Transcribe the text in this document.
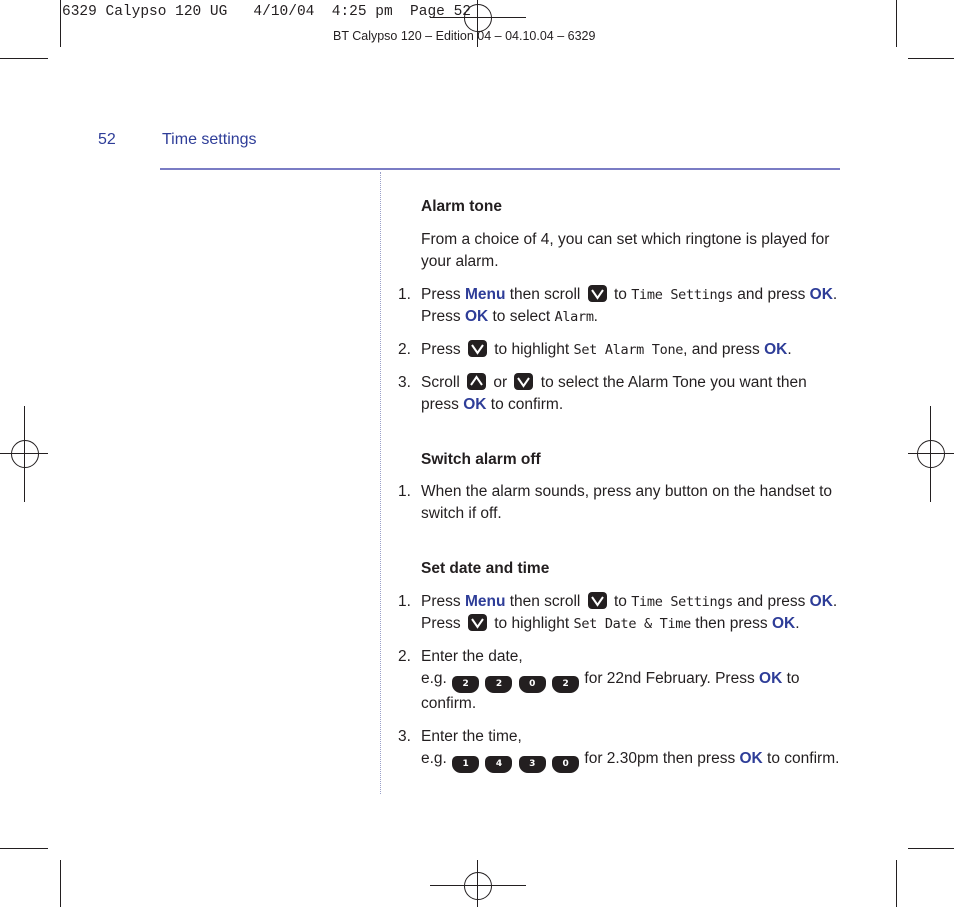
6329 Calypso 120 UG   4/10/04  4:25 pm  Page 52
BT Calypso 120 – Edition 04 – 04.10.04 – 6329
52	Time settings
Alarm tone
From a choice of 4, you can set which ringtone is played for your alarm.
1. Press Menu then scroll  to Time Settings and press OK. Press OK to select Alarm.
2. Press  to highlight Set Alarm Tone, and press OK.
3. Scroll  or  to select the Alarm Tone you want then press OK to confirm.
Switch alarm off
1. When the alarm sounds, press any button on the handset to switch if off.
Set date and time
1. Press Menu then scroll  to Time Settings and press OK. Press  to highlight Set Date & Time then press OK.
2. Enter the date,
e.g. 2	2	0	2 for 22nd February. Press OK to confirm.
3. Enter the time,
e.g. 1	4	3	0 for 2.30pm then press OK to confirm.
